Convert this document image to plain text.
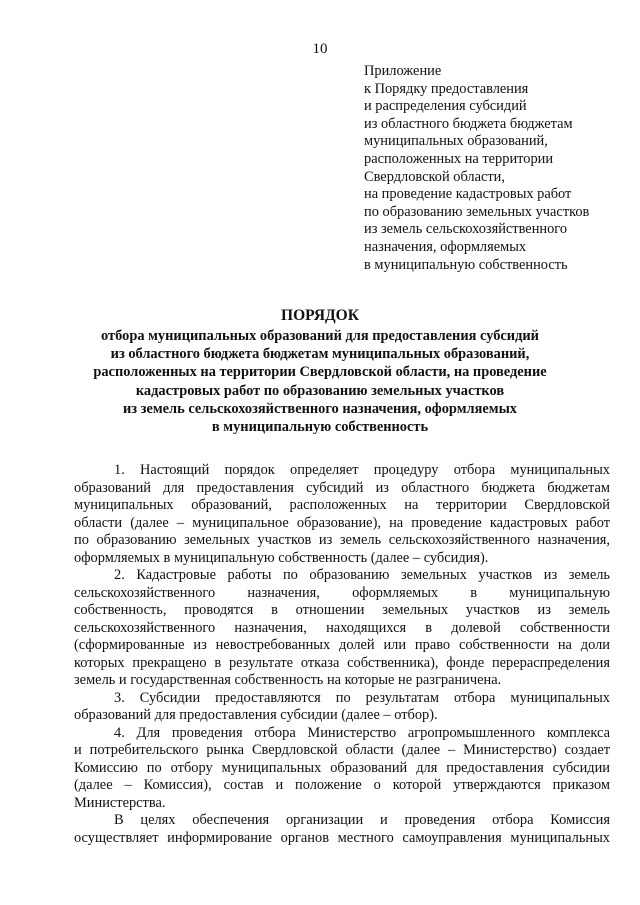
10
Приложение
к Порядку предоставления
и распределения субсидий
из областного бюджета бюджетам
муниципальных образований,
расположенных на территории
Свердловской области,
на проведение кадастровых работ
по образованию земельных участков
из земель сельскохозяйственного
назначения, оформляемых
в муниципальную собственность
ПОРЯДОК
отбора муниципальных образований для предоставления субсидий
из областного бюджета бюджетам муниципальных образований,
расположенных на территории Свердловской области, на проведение
кадастровых работ по образованию земельных участков
из земель сельскохозяйственного назначения, оформляемых
в муниципальную собственность
1. Настоящий порядок определяет процедуру отбора муниципальных
образований для предоставления субсидий из областного бюджета бюджетам
муниципальных образований, расположенных на территории Свердловской
области (далее – муниципальное образование), на проведение кадастровых работ
по образованию земельных участков из земель сельскохозяйственного назначения,
оформляемых в муниципальную собственность (далее – субсидия).
2. Кадастровые работы по образованию земельных участков из земель
сельскохозяйственного назначения, оформляемых в муниципальную
собственность, проводятся в отношении земельных участков из земель
сельскохозяйственного назначения, находящихся в долевой собственности
(сформированные из невостребованных долей или право собственности на доли
которых прекращено в результате отказа собственника), фонде перераспределения
земель и государственная собственность на которые не разграничена.
3. Субсидии предоставляются по результатам отбора муниципальных
образований для предоставления субсидии (далее – отбор).
4. Для проведения отбора Министерство агропромышленного комплекса
и потребительского рынка Свердловской области (далее – Министерство) создает
Комиссию по отбору муниципальных образований для предоставления субсидии
(далее – Комиссия), состав и положение о которой утверждаются приказом
Министерства.
В целях обеспечения организации и проведения отбора Комиссия
осуществляет информирование органов местного самоуправления муниципальных
